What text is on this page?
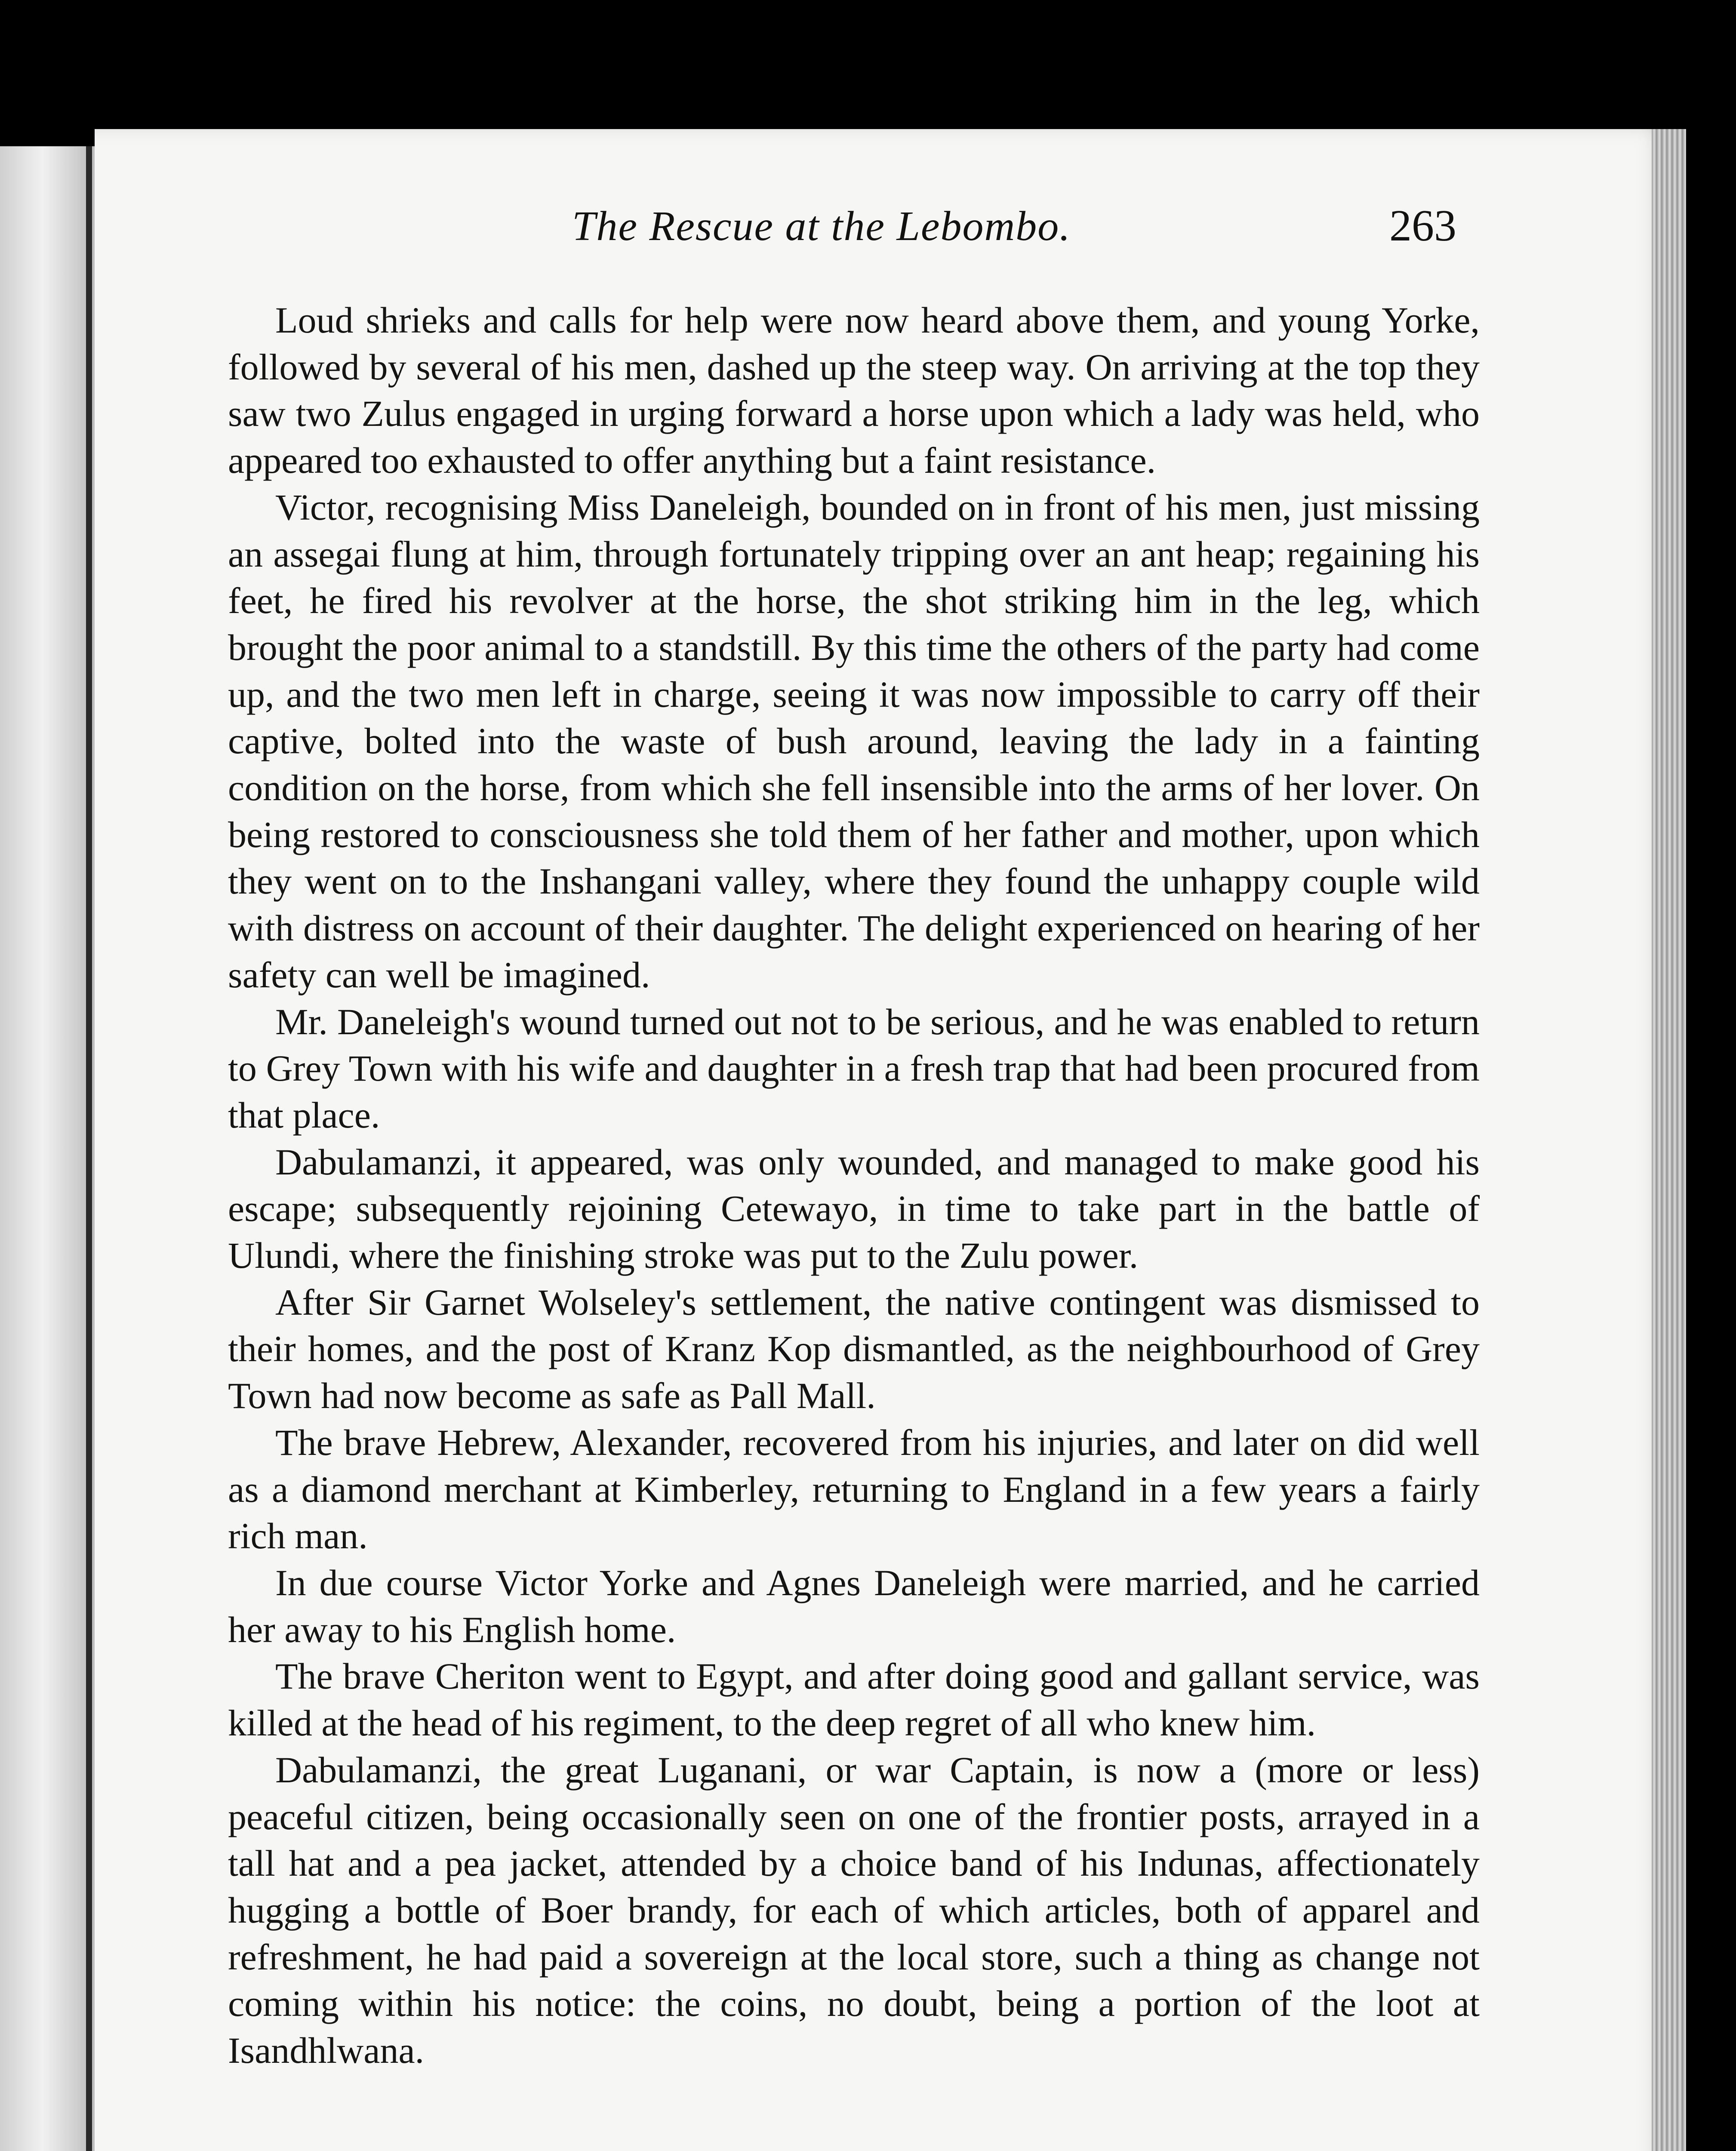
The Rescue at the Lebombo.	263

Loud shrieks and calls for help were now heard above them, and young Yorke, followed by several of his men, dashed up the steep way. On arriving at the top they saw two Zulus engaged in urging forward a horse upon which a lady was held, who appeared too exhausted to offer anything but a faint resistance.

Victor, recognising Miss Daneleigh, bounded on in front of his men, just missing an assegai flung at him, through fortunately tripping over an ant heap; regaining his feet, he fired his revolver at the horse, the shot striking him in the leg, which brought the poor animal to a standstill. By this time the others of the party had come up, and the two men left in charge, seeing it was now impossible to carry off their captive, bolted into the waste of bush around, leaving the lady in a fainting condition on the horse, from which she fell insensible into the arms of her lover. On being restored to consciousness she told them of her father and mother, upon which they went on to the Inshangani valley, where they found the unhappy couple wild with distress on account of their daughter. The delight experienced on hearing of her safety can well be imagined.

Mr. Daneleigh's wound turned out not to be serious, and he was enabled to return to Grey Town with his wife and daughter in a fresh trap that had been procured from that place.

Dabulamanzi, it appeared, was only wounded, and managed to make good his escape; subsequently rejoining Cetewayo, in time to take part in the battle of Ulundi, where the finishing stroke was put to the Zulu power.

After Sir Garnet Wolseley's settlement, the native contingent was dismissed to their homes, and the post of Kranz Kop dismantled, as the neighbourhood of Grey Town had now become as safe as Pall Mall.

The brave Hebrew, Alexander, recovered from his injuries, and later on did well as a diamond merchant at Kimberley, returning to England in a few years a fairly rich man.

In due course Victor Yorke and Agnes Daneleigh were married, and he carried her away to his English home.

The brave Cheriton went to Egypt, and after doing good and gallant service, was killed at the head of his regiment, to the deep regret of all who knew him.

Dabulamanzi, the great Luganani, or war Captain, is now a (more or less) peaceful citizen, being occasionally seen on one of the frontier posts, arrayed in a tall hat and a pea jacket, attended by a choice band of his Indunas, affectionately hugging a bottle of Boer brandy, for each of which articles, both of apparel and refreshment, he had paid a sovereign at the local store, such a thing as change not coming within his notice: the coins, no doubt, being a portion of the loot at Isandhlwana.
